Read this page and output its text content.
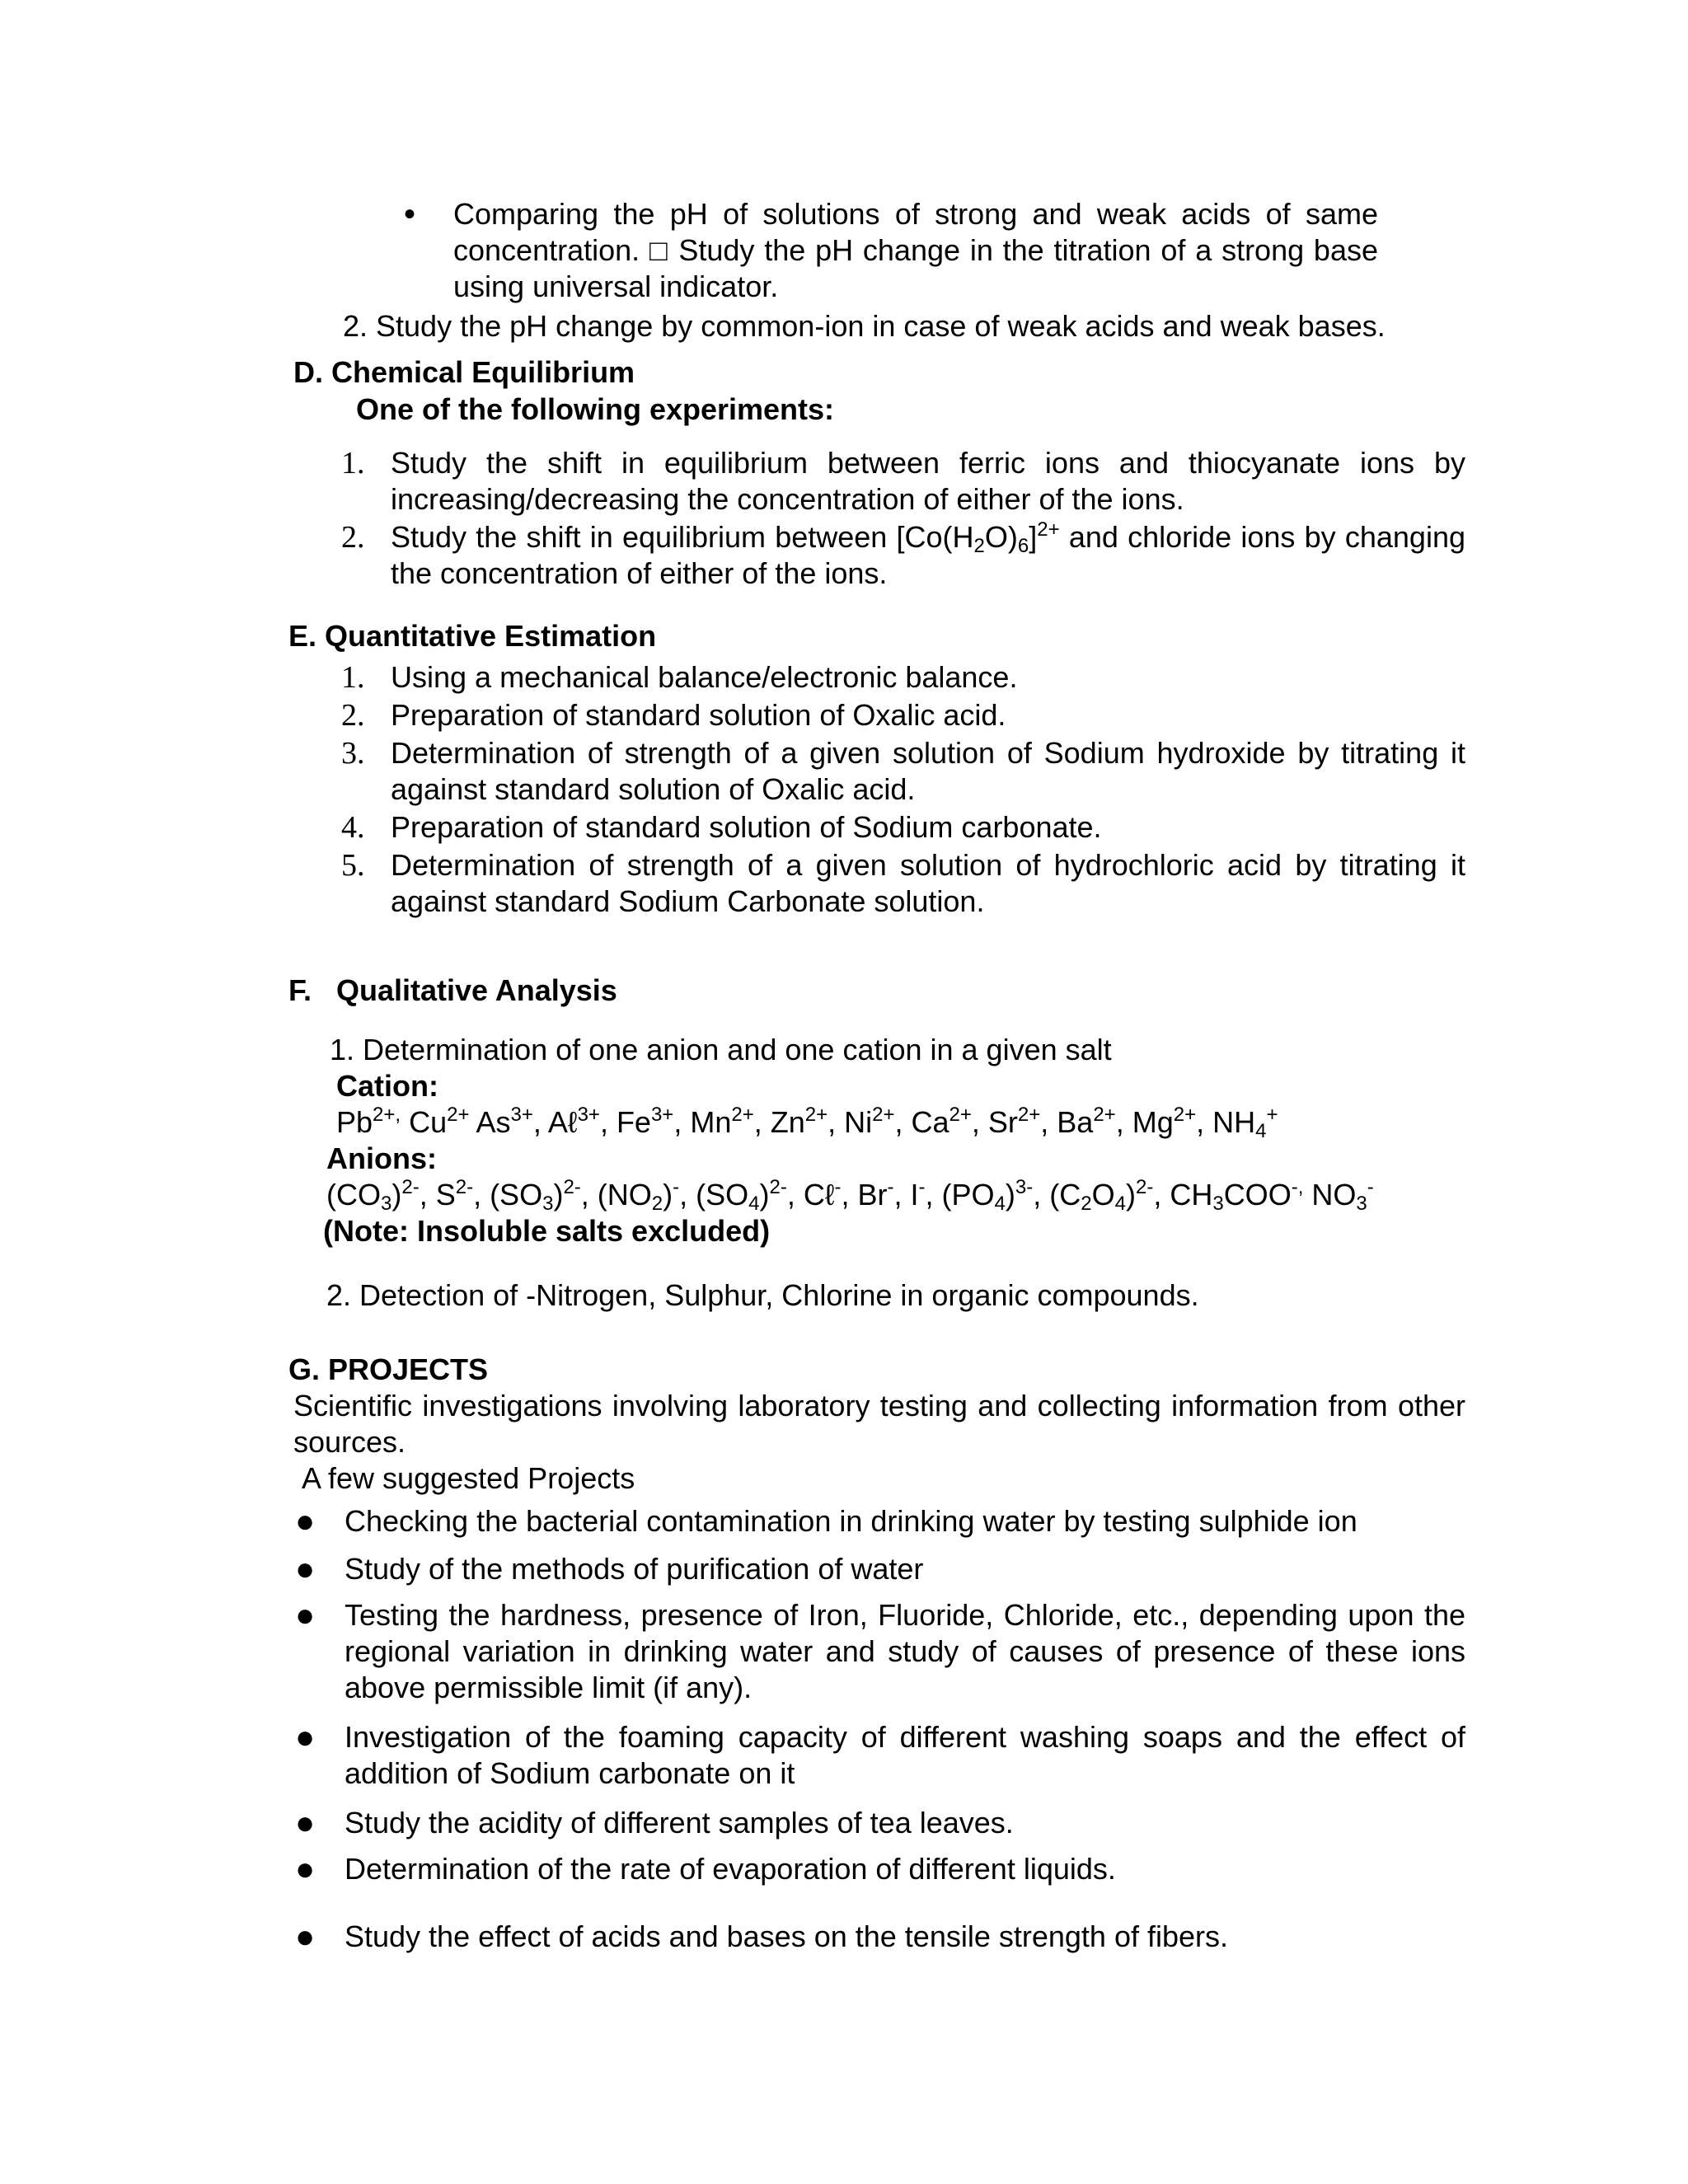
• Comparing the pH of solutions of strong and weak acids of same concentration. □ Study the pH change in the titration of a strong base using universal indicator.
2. Study the pH change by common-ion in case of weak acids and weak bases.
D. Chemical Equilibrium
One of the following experiments:
1. Study the shift in equilibrium between ferric ions and thiocyanate ions by increasing/decreasing the concentration of either of the ions.
2. Study the shift in equilibrium between $[Co(H_2O)_6]^{2+}$ and chloride ions by changing the concentration of either of the ions.
E. Quantitative Estimation
1. Using a mechanical balance/electronic balance.
2. Preparation of standard solution of Oxalic acid.
3. Determination of strength of a given solution of Sodium hydroxide by titrating it against standard solution of Oxalic acid.
4. Preparation of standard solution of Sodium carbonate.
5. Determination of strength of a given solution of hydrochloric acid by titrating it against standard Sodium Carbonate solution.
F.   Qualitative Analysis
1. Determination of one anion and one cation in a given salt
Cation:
$Pb^{2+,}$ $Cu^{2+}$ $As^{3+}$, Aℓ$^{3+}$, $Fe^{3+}$, $Mn^{2+}$, $Zn^{2+}$, $Ni^{2+}$, $Ca^{2+}$, $Sr^{2+}$, $Ba^{2+}$, $Mg^{2+}$, $NH_4^+$
Anions:
$(CO_3)^{2-}$, $S^{2-}$, $(SO_3)^{2-}$, $(NO_2)^-$, $(SO_4)^{2-}$, Cℓ-, Br-, I-, $(PO_4)^{3-}$, $(C_2O_4)^{2-}$, $CH_3COO^{-,}$ $NO_3^-$
(Note: Insoluble salts excluded)
2. Detection of -Nitrogen, Sulphur, Chlorine in organic compounds.
G. PROJECTS
Scientific investigations involving laboratory testing and collecting information from other sources.
A few suggested Projects
● Checking the bacterial contamination in drinking water by testing sulphide ion
● Study of the methods of purification of water
● Testing the hardness, presence of Iron, Fluoride, Chloride, etc., depending upon the regional variation in drinking water and study of causes of presence of these ions above permissible limit (if any).
● Investigation of the foaming capacity of different washing soaps and the effect of addition of Sodium carbonate on it
● Study the acidity of different samples of tea leaves.
● Determination of the rate of evaporation of different liquids.
● Study the effect of acids and bases on the tensile strength of fibers.
